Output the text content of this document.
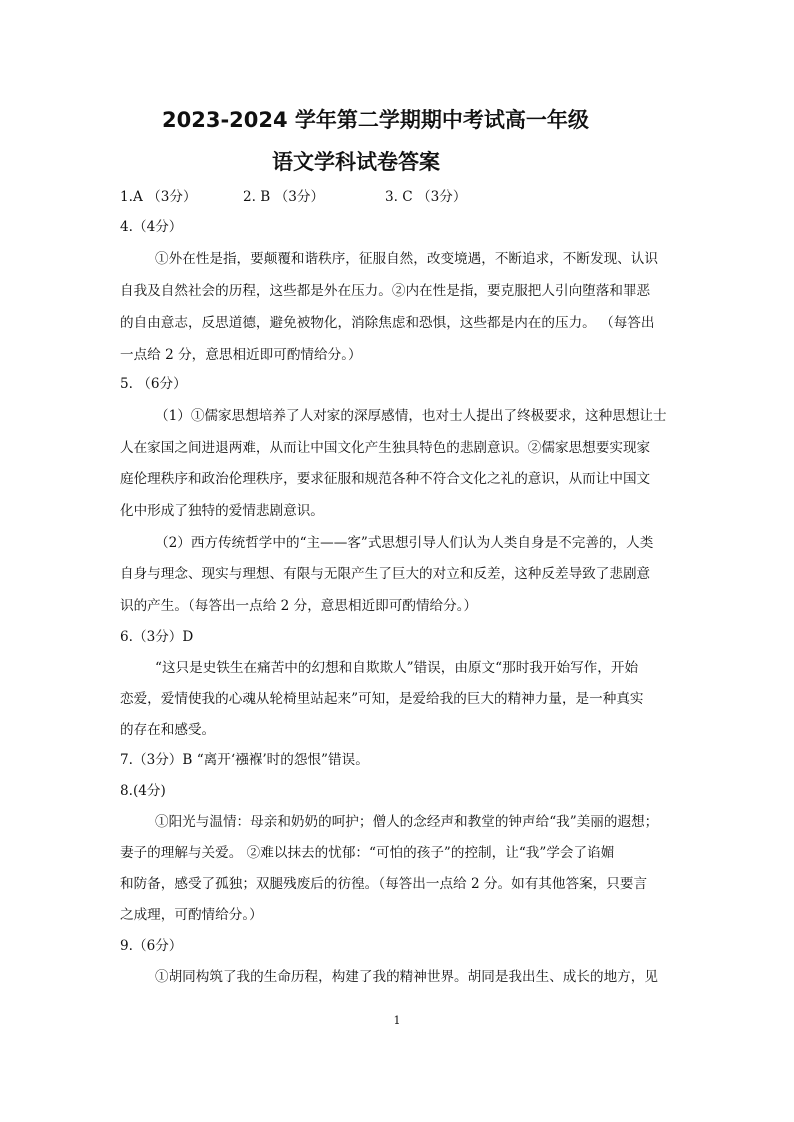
2023-2024 学年第二学期期中考试高一年级
语文学科试卷答案
1.A （3分）	2. B （3分）	3. C （3分）
4.（4分）
①外在性是指，要颠覆和谐秩序，征服自然，改变境遇，不断追求，不断发现、认识
自我及自然社会的历程，这些都是外在压力。②内在性是指，要克服把人引向堕落和罪恶
的自由意志，反思道德，避免被物化，消除焦虑和恐惧，这些都是内在的压力。 （每答出
一点给 2 分，意思相近即可酌情给分。）
5. （6分）
（1）①儒家思想培养了人对家的深厚感情，也对士人提出了终极要求，这种思想让士
人在家国之间进退两难，从而让中国文化产生独具特色的悲剧意识。②儒家思想要实现家
庭伦理秩序和政治伦理秩序，要求征服和规范各种不符合文化之礼的意识，从而让中国文
化中形成了独特的爱情悲剧意识。
（2）西方传统哲学中的“主——客”式思想引导人们认为人类自身是不完善的，人类
自身与理念、现实与理想、有限与无限产生了巨大的对立和反差，这种反差导致了悲剧意
识的产生。（每答出一点给 2 分，意思相近即可酌情给分。）
6.（3分）D
“这只是史铁生在痛苦中的幻想和自欺欺人”错误，由原文“那时我开始写作，开始
恋爱，爱情使我的心魂从轮椅里站起来”可知，是爱给我的巨大的精神力量，是一种真实
的存在和感受。
7.（3分）B “离开‘襁褓’时的怨恨”错误。
8.(4分)
①阳光与温情：母亲和奶奶的呵护；僧人的念经声和教堂的钟声给“我”美丽的遐想；
妻子的理解与关爱。 ②难以抹去的忧郁：“可怕的孩子”的控制，让“我”学会了谄媚
和防备，感受了孤独；双腿残废后的彷徨。（每答出一点给 2 分。如有其他答案，只要言
之成理，可酌情给分。）
9.（6分）
①胡同构筑了我的生命历程，构建了我的精神世界。胡同是我出生、成长的地方，见
1
